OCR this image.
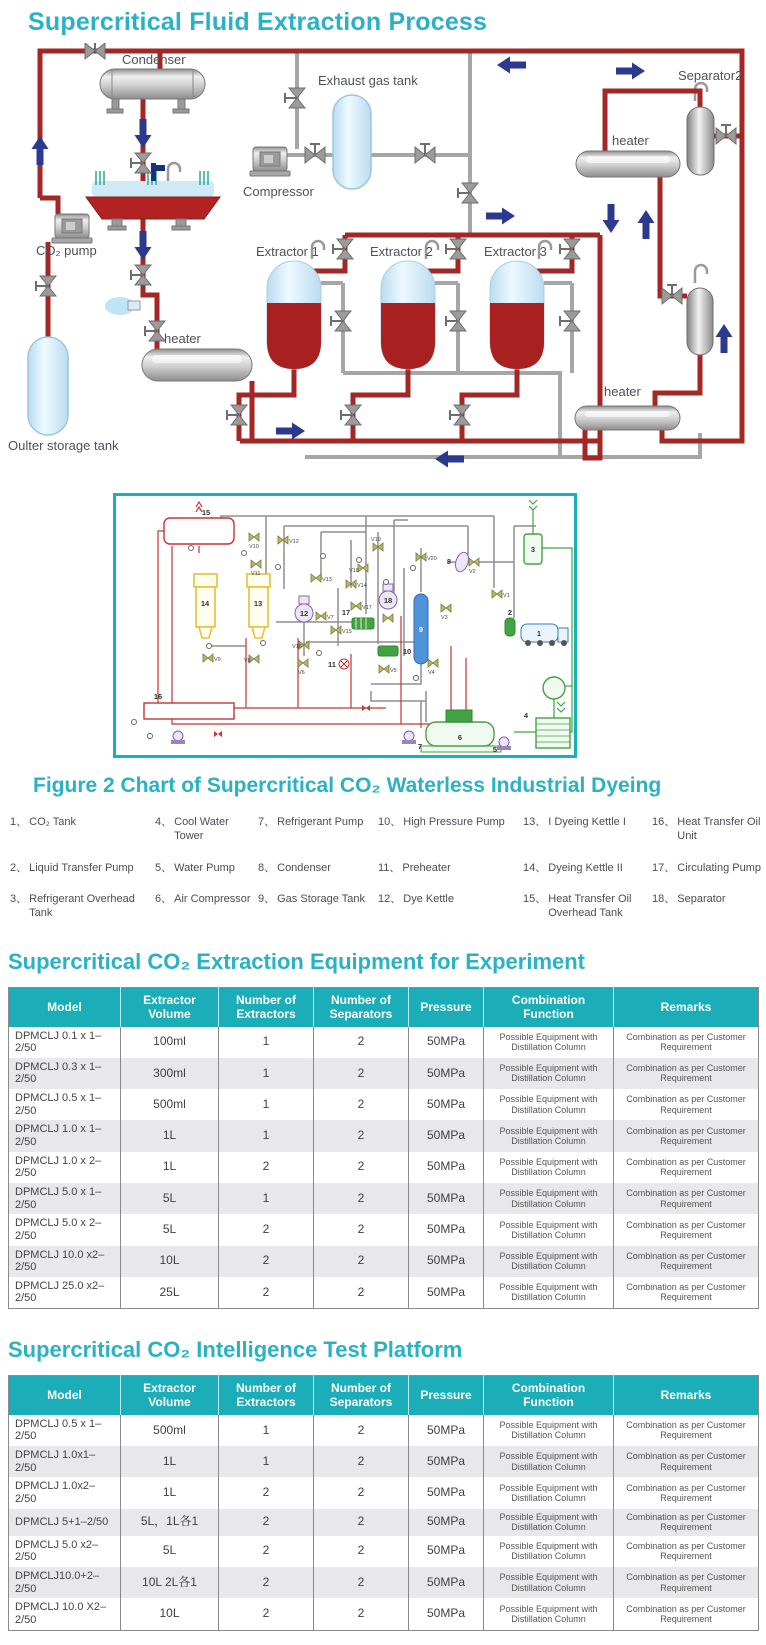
Supercritical Fluid Extraction Process
Condenser
Exhaust gas tank
Compressor
Separator2
heater
CO₂ pump
heater
Extractor 1	Extractor 2	Extractor 3
heater
Oulter storage tank
V10
V12
V11
V13
V14
V19
V20
V18	V2
V1
V3
V4
V5
V6
V8
V9
V15
V16
V7
V17
1
2
3
4
5
6
7
8
9
10
11
12
13
14
15
16
17
18
Figure 2 Chart of Supercritical CO₂ Waterless Industrial Dyeing
1、 CO₂ Tank
2、 Liquid Transfer Pump
3、 Refrigerant Overhead Tank
4、 Cool Water Tower
5、 Water Pump
6、 Air Compressor
7、 Refrigerant Pump
8、 Condenser
9、 Gas Storage Tank
10、 High Pressure Pump
11、 Preheater
12、 Dye Kettle
13、 I Dyeing Kettle I
14、 Dyeing Kettle II
15、 Heat Transfer Oil Overhead Tank
16、 Heat Transfer Oil Unit
17、 Circulating Pump
18、 Separator
Supercritical CO₂ Extraction Equipment for Experiment
Model	Extractor Volume	Number of Extractors	Number of Separators	Pressure	Combination Function	Remarks
DPMCLJ 0.1 x 1–2/50	100ml	1	2	50MPa	Possible Equipment with Distillation Column	Combination as per Customer Requirement
DPMCLJ 0.3 x 1–2/50	300ml	1	2	50MPa	Possible Equipment with Distillation Column	Combination as per Customer Requirement
DPMCLJ 0.5 x 1–2/50	500ml	1	2	50MPa	Possible Equipment with Distillation Column	Combination as per Customer Requirement
DPMCLJ 1.0 x 1–2/50	1L	1	2	50MPa	Possible Equipment with Distillation Column	Combination as per Customer Requirement
DPMCLJ 1.0 x 2–2/50	1L	2	2	50MPa	Possible Equipment with Distillation Column	Combination as per Customer Requirement
DPMCLJ 5.0 x 1–2/50	5L	1	2	50MPa	Possible Equipment with Distillation Column	Combination as per Customer Requirement
DPMCLJ 5.0 x 2–2/50	5L	2	2	50MPa	Possible Equipment with Distillation Column	Combination as per Customer Requirement
DPMCLJ 10.0 x2–2/50	10L	2	2	50MPa	Possible Equipment with Distillation Column	Combination as per Customer Requirement
DPMCLJ 25.0 x2–2/50	25L	2	2	50MPa	Possible Equipment with Distillation Column	Combination as per Customer Requirement
Supercritical CO₂ Intelligence Test Platform
Model	Extractor Volume	Number of Extractors	Number of Separators	Pressure	Combination Function	Remarks
DPMCLJ 0.5 x 1–2/50	500ml	1	2	50MPa	Possible Equipment with Distillation Column	Combination as per Customer Requirement
DPMCLJ 1.0x1–2/50	1L	1	2	50MPa	Possible Equipment with Distillation Column	Combination as per Customer Requirement
DPMCLJ 1.0x2–2/50	1L	2	2	50MPa	Possible Equipment with Distillation Column	Combination as per Customer Requirement
DPMCLJ 5+1–2/50	5L，1L各1	2	2	50MPa	Possible Equipment with Distillation Column	Combination as per Customer Requirement
DPMCLJ 5.0 x2–2/50	5L	2	2	50MPa	Possible Equipment with Distillation Column	Combination as per Customer Requirement
DPMCLJ10.0+2–2/50	10L 2L各1	2	2	50MPa	Possible Equipment with Distillation Column	Combination as per Customer Requirement
DPMCLJ 10.0 X2–2/50	10L	2	2	50MPa	Possible Equipment with Distillation Column	Combination as per Customer Requirement
